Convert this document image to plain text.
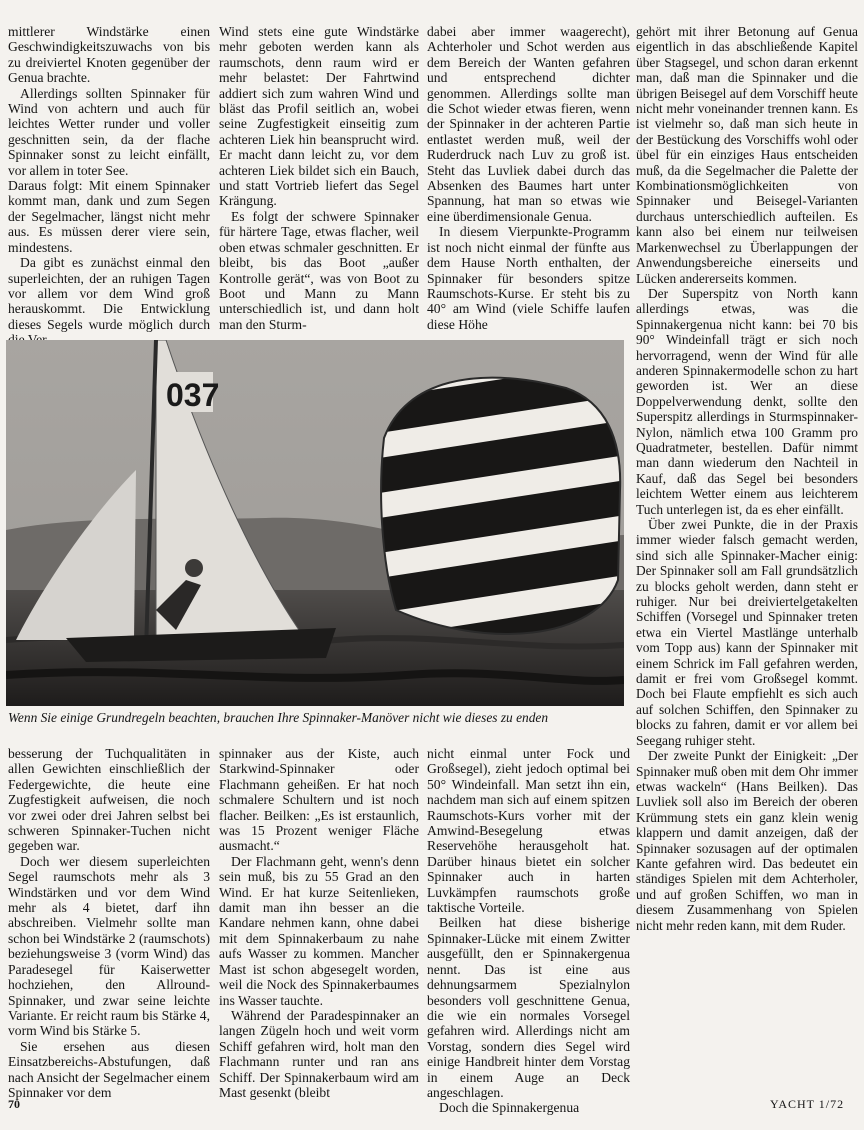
mittlerer Windstärke einen Geschwindigkeitszuwachs von bis zu dreiviertel Knoten gegenüber der Genua brachte.

Allerdings sollten Spinnaker für Wind von achtern und auch für leichtes Wetter runder und voller geschnitten sein, da der flache Spinnaker sonst zu leicht einfällt, vor allem in toter See.

Daraus folgt: Mit einem Spinnaker kommt man, dank und zum Segen der Segelmacher, längst nicht mehr aus. Es müssen derer viere sein, mindestens.

Da gibt es zunächst einmal den superleichten, der an ruhigen Tagen vor allem vor dem Wind groß herauskommt. Die Entwicklung dieses Segels wurde möglich durch

Wind stets eine gute Windstärke mehr geboten werden kann als raumschots, denn raum wird er mehr belastet: Der Fahrtwind addiert sich zum wahren Wind und bläst das Profil seitlich an, wobei seine Zugfestigkeit einseitig zum achteren Liek hin beansprucht wird. Er macht dann leicht zu, vor dem achteren Liek bildet sich ein Bauch, und statt Vortrieb liefert das Segel Krängung.

Es folgt der schwere Spinnaker für härtere Tage, etwas flacher, weil oben etwas schmaler geschnitten. Er bleibt, bis das Boot „außer Kontrolle gerät“, was von Boot zu Boot und Mann zu Mann unterschiedlich ist, und dann holt man den Sturm-

dabei aber immer waagerecht), Achterholer und Schot werden aus dem Bereich der Wanten gefahren und entsprechend dichter genommen. Allerdings sollte man die Schot wieder etwas fieren, wenn der Spinnaker in der achteren Partie entlastet werden muß, weil der Ruderdruck nach Luv zu groß ist. Steht das Luvliek dabei durch das Absenken des Baumes hart unter Spannung, hat man so etwas wie eine überdimensionale Genua.

In diesem Vierpunkte-Programm ist noch nicht einmal der fünfte aus dem Hause North enthalten, der Spinnaker für besonders spitze Raumschots-Kurse. Er steht bis zu 40° am Wind (viele Schiffe laufen diese Höhe

gehört mit ihrer Betonung auf Genua eigentlich in das abschließende Kapitel über Stagsegel, und schon daran erkennt man, daß man die Spinnaker und die übrigen Beisegel auf dem Vorschiff heute nicht mehr voneinander trennen kann. Es ist vielmehr so, daß man sich heute in der Bestückung des Vorschiffs wohl oder übel für ein einziges Haus entscheiden muß, da die Segelmacher die Palette der Kombinationsmöglichkeiten von Spinnaker und Beisegel-Varianten durchaus unterschiedlich aufteilen. Es kann also bei einem nur teilweisen Markenwechsel zu Überlappungen der Anwendungsbereiche einerseits und Lücken andererseits kommen.

Der Superspitz von North kann allerdings etwas, was die Spinnakergenua nicht kann: bei 70 bis 90° Windeinfall trägt er sich noch hervorragend, wenn der Wind für alle anderen Spinnakermodelle schon zu hart geworden ist. Wer an diese Doppelverwendung denkt, sollte den Superspitz allerdings in Sturmspinnaker-Nylon, nämlich etwa 100 Gramm pro Quadratmeter, bestellen. Dafür nimmt man dann wiederum den Nachteil in Kauf, daß das Segel bei besonders leichtem Wetter einem aus leichterem Tuch unterlegen ist, da es eher einfällt.

Über zwei Punkte, die in der Praxis immer wieder falsch gemacht werden, sind sich alle Spinnaker-Macher einig: Der Spinnaker soll am Fall grundsätzlich zu blocks geholt werden, dann steht er ruhiger. Nur bei dreiviertelgetakelten Schiffen (Vorsegel und Spinnaker treten etwa ein Viertel Mastlänge unterhalb vom Topp aus) kann der Spinnaker mit einem Schrick im Fall gefahren werden, damit er frei vom Großsegel kommt. Doch bei Flaute empfiehlt es sich auch auf solchen Schiffen, den Spinnaker zu blocks zu fahren, damit er vor allem bei Seegang ruhiger steht.

Der zweite Punkt der Einigkeit: „Der Spinnaker muß oben mit dem Ohr immer etwas wackeln“ (Hans Beilken). Das Luvliek soll also im Bereich der oberen Krümmung stets ein ganz klein wenig klappern und damit anzeigen, daß der Spinnaker sozusagen auf der optimalen Kante gefahren wird. Das bedeutet ein ständiges Spielen mit dem Achterholer, und auf großen Schiffen, wo man in diesem Zusammenhang von Spielen nicht mehr reden kann, mit dem Ruder.

037
Wenn Sie einige Grundregeln beachten, brauchen Ihre Spinnaker-Manöver nicht wie dieses zu enden

besserung der Tuchqualitäten in allen Gewichten einschließlich der Federgewichte, die heute eine Zugfestigkeit aufweisen, die noch vor zwei oder drei Jahren selbst bei schweren Spinnaker-Tuchen nicht gegeben war.

Doch wer diesem superleichten Segel raumschots mehr als 3 Windstärken und vor dem Wind mehr als 4 bietet, darf ihn abschreiben. Vielmehr sollte man schon bei Windstärke 2 (raumschots) beziehungsweise 3 (vorm Wind) das Paradesegel für Kaiserwetter hochziehen, den Allround-Spinnaker, und zwar seine leichte Variante. Er reicht raum bis Stärke 4, vorm Wind bis Stärke 5.

Sie ersehen aus diesen Einsatzbereichs-Abstufungen, daß nach Ansicht der Segelmacher einem Spinnaker vor dem

spinnaker aus der Kiste, auch Starkwind-Spinnaker oder Flachmann geheißen. Er hat noch schmalere Schultern und ist noch flacher. Beilken: „Es ist erstaunlich, was 15 Prozent weniger Fläche ausmacht.“

Der Flachmann geht, wenn's denn sein muß, bis zu 55 Grad an den Wind. Er hat kurze Seitenlieken, damit man ihn besser an die Kandare nehmen kann, ohne dabei mit dem Spinnakerbaum zu nahe aufs Wasser zu kommen. Mancher Mast ist schon abgesegelt worden, weil die Nock des Spinnakerbaumes ins Wasser tauchte.

Während der Paradespinnaker an langen Zügeln hoch und weit vorm Schiff gefahren wird, holt man den Flachmann runter und ran ans Schiff. Der Spinnakerbaum wird am Mast gesenkt (bleibt

nicht einmal unter Fock und Großsegel), zieht jedoch optimal bei 50° Windeinfall. Man setzt ihn ein, nachdem man sich auf einem spitzen Raumschots-Kurs vorher mit der Amwind-Besegelung etwas Reservehöhe herausgeholt hat. Darüber hinaus bietet ein solcher Spinnaker auch in harten Luvkämpfen raumschots große taktische Vorteile.

Beilken hat diese bisherige Spinnaker-Lücke mit einem Zwitter ausgefüllt, den er Spinnakergenua nennt. Das ist eine aus dehnungsarmem Spezialnylon besonders voll geschnittene Genua, die wie ein normales Vorsegel gefahren wird. Allerdings nicht am Vorstag, sondern dies Segel wird einige Handbreit hinter dem Vorstag in einem Auge an Deck angeschlagen.

Doch die Spinnakergenua

70	YACHT 1/72
